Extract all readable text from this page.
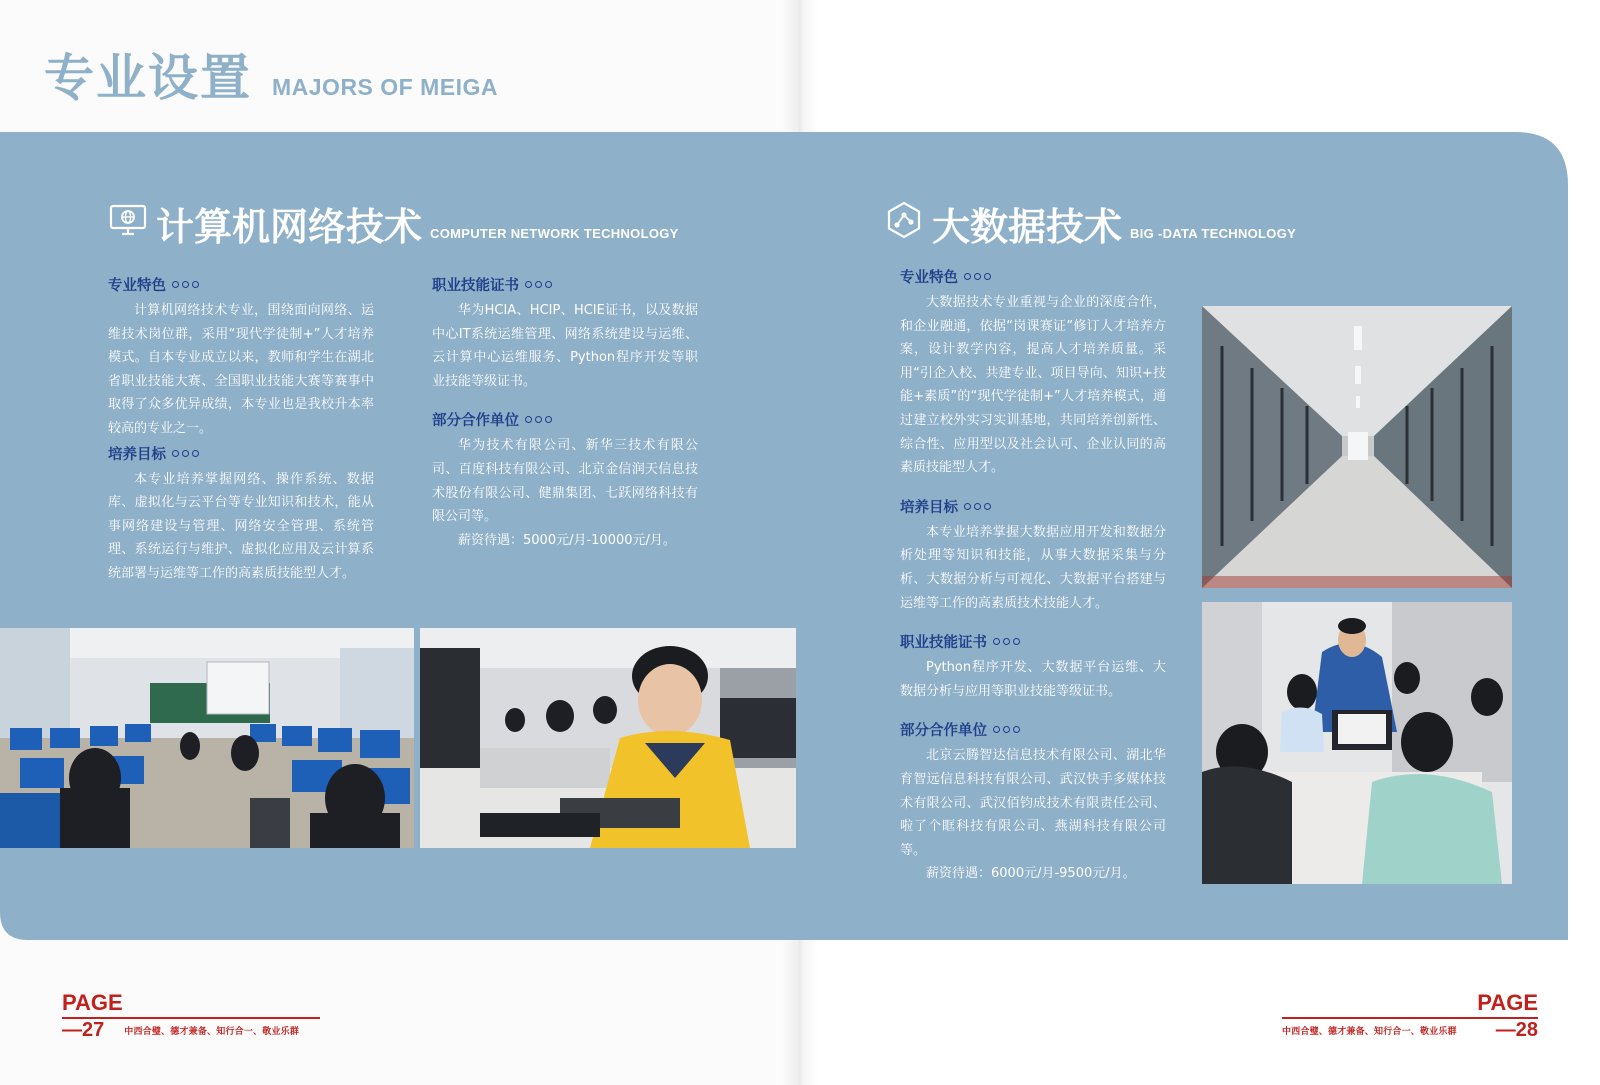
专业设置 MAJORS OF MEIGA
计算机网络技术 COMPUTER NETWORK TECHNOLOGY
专业特色

计算机网络技术专业，围绕面向网络、运维技术岗位群，采用“现代学徒制+”人才培养模式。自本专业成立以来，教师和学生在湖北省职业技能大赛、全国职业技能大赛等赛事中取得了众多优异成绩，本专业也是我校升本率较高的专业之一。

培养目标

本专业培养掌握网络、操作系统、数据库、虚拟化与云平台等专业知识和技术，能从事网络建设与管理、网络安全管理、系统管理、系统运行与维护、虚拟化应用及云计算系统部署与运维等工作的高素质技能型人才。

职业技能证书

华为HCIA、HCIP、HCIE证书，以及数据中心IT系统运维管理、网络系统建设与运维、云计算中心运维服务、Python程序开发等职业技能等级证书。

部分合作单位

华为技术有限公司、新华三技术有限公司、百度科技有限公司、北京金信润天信息技术股份有限公司、健鼎集团、七跃网络科技有限公司等。

薪资待遇：5000元/月-10000元/月。

大数据技术 BIG -DATA TECHNOLOGY
专业特色

大数据技术专业重视与企业的深度合作，和企业融通，依据“岗课赛证”修订人才培养方案，设计教学内容，提高人才培养质量。采用“引企入校、共建专业、项目导向、知识+技能+素质”的“现代学徒制+”人才培养模式，通过建立校外实习实训基地，共同培养创新性、综合性、应用型以及社会认可、企业认同的高素质技能型人才。

培养目标

本专业培养掌握大数据应用开发和数据分析处理等知识和技能，从事大数据采集与分析、大数据分析与可视化、大数据平台搭建与运维等工作的高素质技术技能人才。

职业技能证书

Python程序开发、大数据平台运维、大数据分析与应用等职业技能等级证书。

部分合作单位

北京云腾智达信息技术有限公司、湖北华育智远信息科技有限公司、武汉快手多媒体技术有限公司、武汉佰钧成技术有限责任公司、啦了个眶科技有限公司、燕湖科技有限公司等。

薪资待遇：6000元/月-9500元/月。

PAGE
—27 中西合璧、德才兼备、知行合一、敬业乐群
PAGE
中西合璧、德才兼备、知行合一、敬业乐群 —28
